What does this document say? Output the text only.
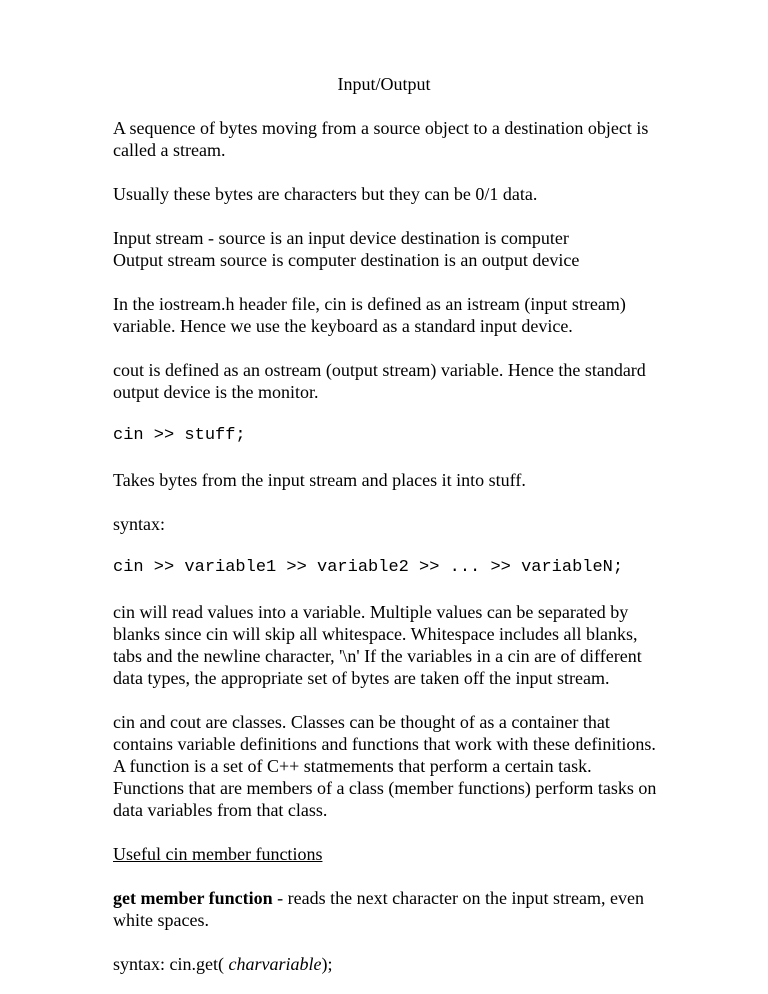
Input/Output
A sequence of bytes moving from a source object to a destination object is
called a stream.
Usually these bytes are characters but they can be 0/1 data.
Input stream - source is an input device destination is computer
Output stream source is computer destination is an output device
In the iostream.h header file, cin is defined as an istream (input stream)
variable. Hence we use the keyboard as a standard input device.
cout is defined as an ostream (output stream) variable. Hence the standard
output device is the monitor.
cin >> stuff;
Takes bytes from the input stream and places it into stuff.
syntax:
cin >> variable1 >> variable2 >> ... >> variableN;
cin will read values into a variable. Multiple values can be separated by
blanks since cin will skip all whitespace. Whitespace includes all blanks,
tabs and the newline character, '\n' If the variables in a cin are of different
data types, the appropriate set of bytes are taken off the input stream.
cin and cout are classes. Classes can be thought of as a container that
contains variable definitions and functions that work with these definitions.
A function is a set of C++ statmements that perform a certain task.
Functions that are members of a class (member functions) perform tasks on
data variables from that class.
Useful cin member functions
get member function - reads the next character on the input stream, even
white spaces.
syntax: cin.get( charvariable);
